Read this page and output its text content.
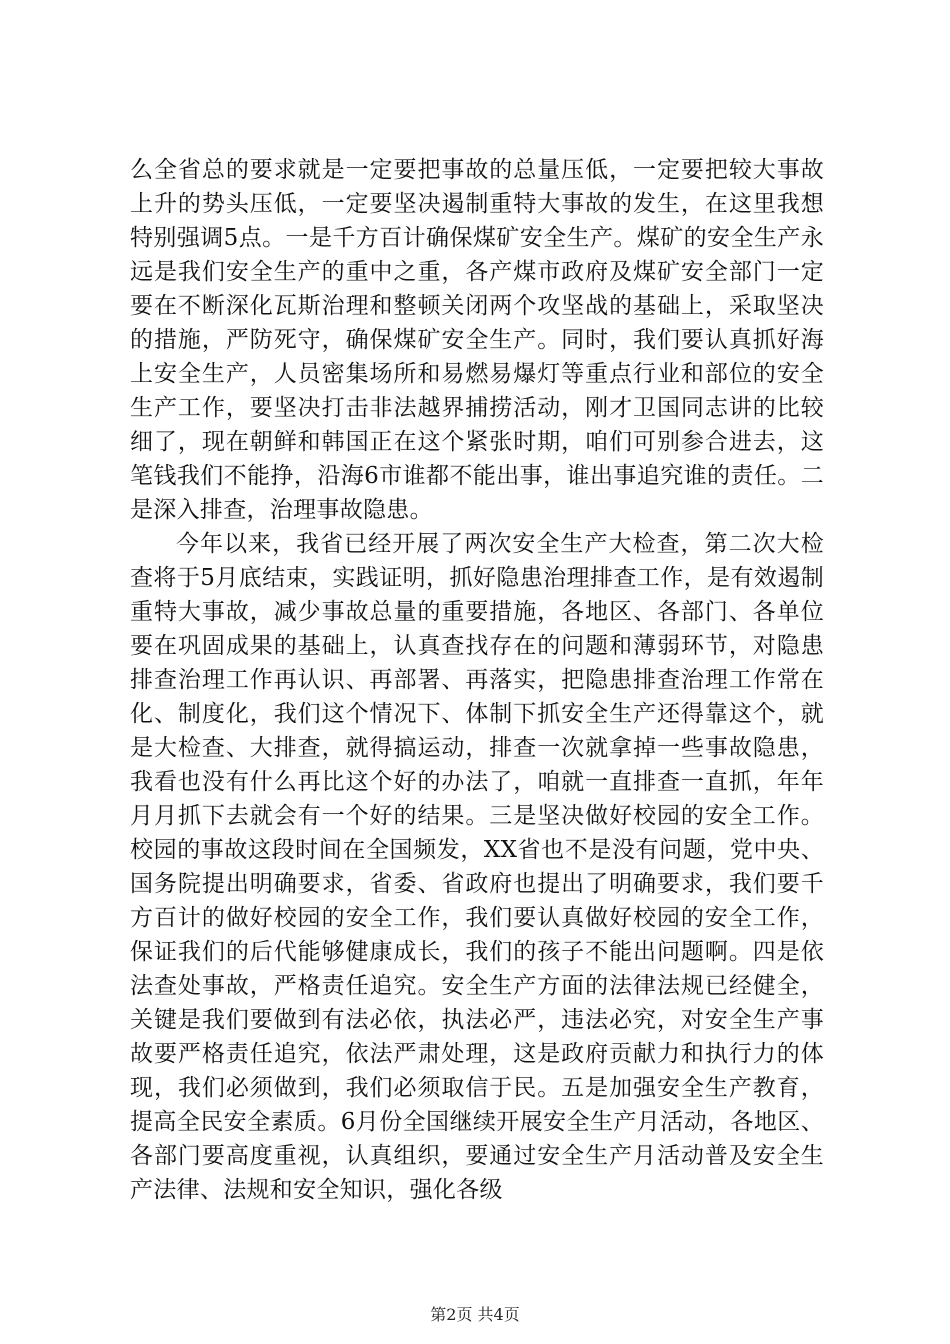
么全省总的要求就是一定要把事故的总量压低，一定要把较大事故上升的势头压低，一定要坚决遏制重特大事故的发生，在这里我想特别强调5点。一是千方百计确保煤矿安全生产。煤矿的安全生产永远是我们安全生产的重中之重，各产煤市政府及煤矿安全部门一定要在不断深化瓦斯治理和整顿关闭两个攻坚战的基础上，采取坚决的措施，严防死守，确保煤矿安全生产。同时，我们要认真抓好海上安全生产，人员密集场所和易燃易爆灯等重点行业和部位的安全生产工作，要坚决打击非法越界捕捞活动，刚才卫国同志讲的比较细了，现在朝鲜和韩国正在这个紧张时期，咱们可别参合进去，这笔钱我们不能挣，沿海6市谁都不能出事，谁出事追究谁的责任。二是深入排查，治理事故隐患。

今年以来，我省已经开展了两次安全生产大检查，第二次大检查将于5月底结束，实践证明，抓好隐患治理排查工作，是有效遏制重特大事故，减少事故总量的重要措施，各地区、各部门、各单位要在巩固成果的基础上，认真查找存在的问题和薄弱环节，对隐患排查治理工作再认识、再部署、再落实，把隐患排查治理工作常在化、制度化，我们这个情况下、体制下抓安全生产还得靠这个，就是大检查、大排查，就得搞运动，排查一次就拿掉一些事故隐患，我看也没有什么再比这个好的办法了，咱就一直排查一直抓，年年月月抓下去就会有一个好的结果。三是坚决做好校园的安全工作。校园的事故这段时间在全国频发，XX省也不是没有问题，党中央、国务院提出明确要求，省委、省政府也提出了明确要求，我们要千方百计的做好校园的安全工作，我们要认真做好校园的安全工作，保证我们的后代能够健康成长，我们的孩子不能出问题啊。四是依法查处事故，严格责任追究。安全生产方面的法律法规已经健全，关键是我们要做到有法必依，执法必严，违法必究，对安全生产事故要严格责任追究，依法严肃处理，这是政府贡献力和执行力的体现，我们必须做到，我们必须取信于民。五是加强安全生产教育，提高全民安全素质。6月份全国继续开展安全生产月活动，各地区、各部门要高度重视，认真组织，要通过安全生产月活动普及安全生产法律、法规和安全知识，强化各级

第2页 共4页
